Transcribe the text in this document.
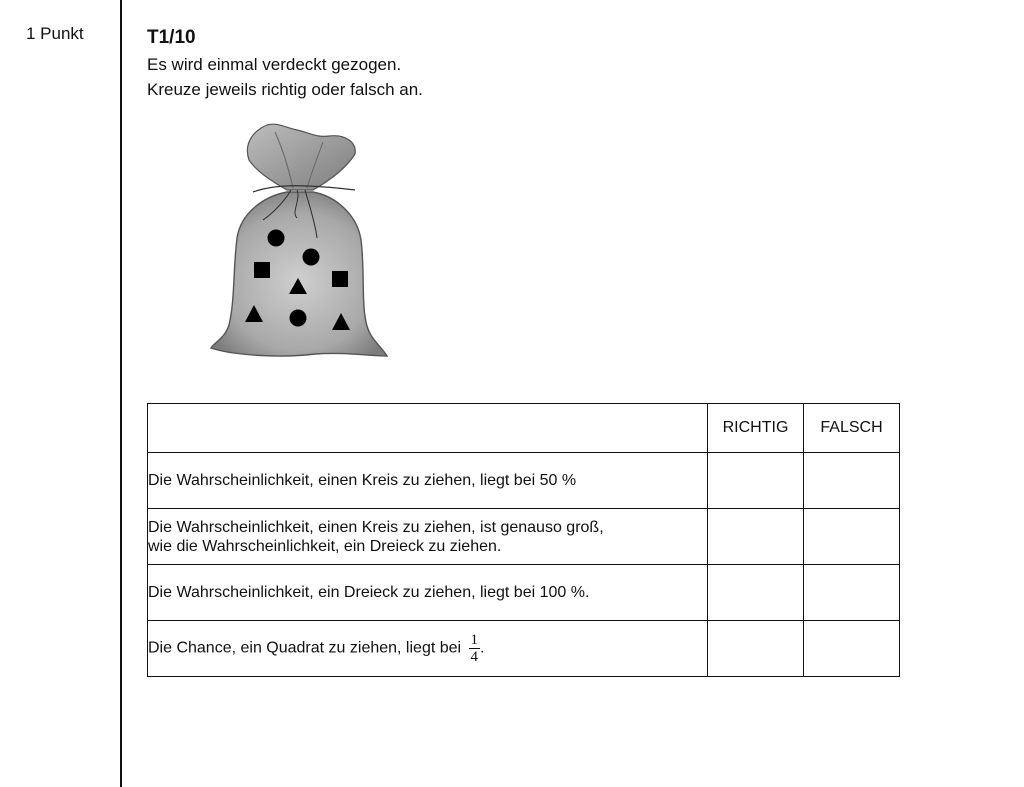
1 Punkt	T1/10
Es wird einmal verdeckt gezogen.
Kreuze jeweils richtig oder falsch an.
	RICHTIG	FALSCH
Die Wahrscheinlichkeit, einen Kreis zu ziehen, liegt bei 50 %		
Die Wahrscheinlichkeit, einen Kreis zu ziehen, ist genauso groß,
wie die Wahrscheinlichkeit, ein Dreieck zu ziehen.		
Die Wahrscheinlichkeit, ein Dreieck zu ziehen, liegt bei 100 %.		
Die Chance, ein Quadrat zu ziehen, liegt bei $\frac{1}{4}$ .		
